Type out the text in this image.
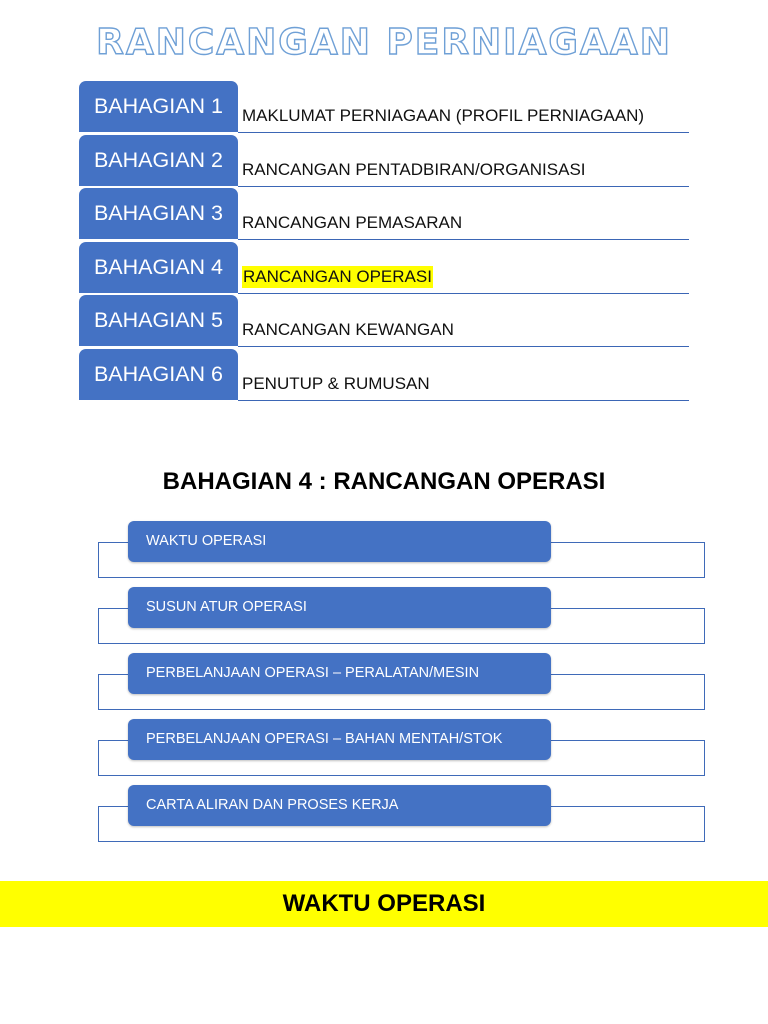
RANCANGAN PERNIAGAAN
BAHAGIAN 1	MAKLUMAT PERNIAGAAN (PROFIL PERNIAGAAN)
BAHAGIAN 2	RANCANGAN PENTADBIRAN/ORGANISASI
BAHAGIAN 3	RANCANGAN PEMASARAN
BAHAGIAN 4	RANCANGAN OPERASI
BAHAGIAN 5	RANCANGAN KEWANGAN
BAHAGIAN 6	PENUTUP & RUMUSAN
BAHAGIAN 4 : RANCANGAN OPERASI
WAKTU OPERASI
SUSUN ATUR OPERASI
PERBELANJAAN OPERASI – PERALATAN/MESIN
PERBELANJAAN OPERASI – BAHAN MENTAH/STOK
CARTA ALIRAN DAN PROSES KERJA
WAKTU OPERASI
